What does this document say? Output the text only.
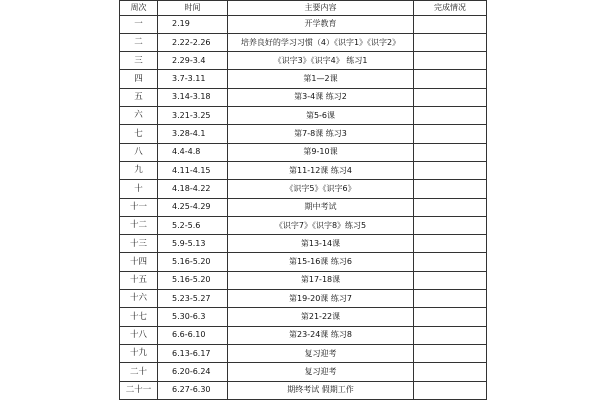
周次	时间	主要内容	完成情况
一	2.19	开学教育	
二	2.22-2.26	培养良好的学习习惯（4）《识字1》《识字2》	
三	2.29-3.4	《识字3》《识字4》 练习1	
四	3.7-3.11	第1—2课	
五	3.14-3.18	第3-4课 练习2	
六	3.21-3.25	第5-6课	
七	3.28-4.1	第7-8课 练习3	
八	4.4-4.8	第9-10课	
九	4.11-4.15	第11-12课 练习4	
十	4.18-4.22	《识字5》《识字6》	
十一	4.25-4.29	期中考试	
十二	5.2-5.6	《识字7》《识字8》练习5	
十三	5.9-5.13	第13-14课	
十四	5.16-5.20	第15-16课 练习6	
十五	5.16-5.20	第17-18课	
十六	5.23-5.27	第19-20课 练习7	
十七	5.30-6.3	第21-22课	
十八	6.6-6.10	第23-24课 练习8	
十九	6.13-6.17	复习迎考	
二十	6.20-6.24	复习迎考	
二十一	6.27-6.30	期终考试 假期工作	
